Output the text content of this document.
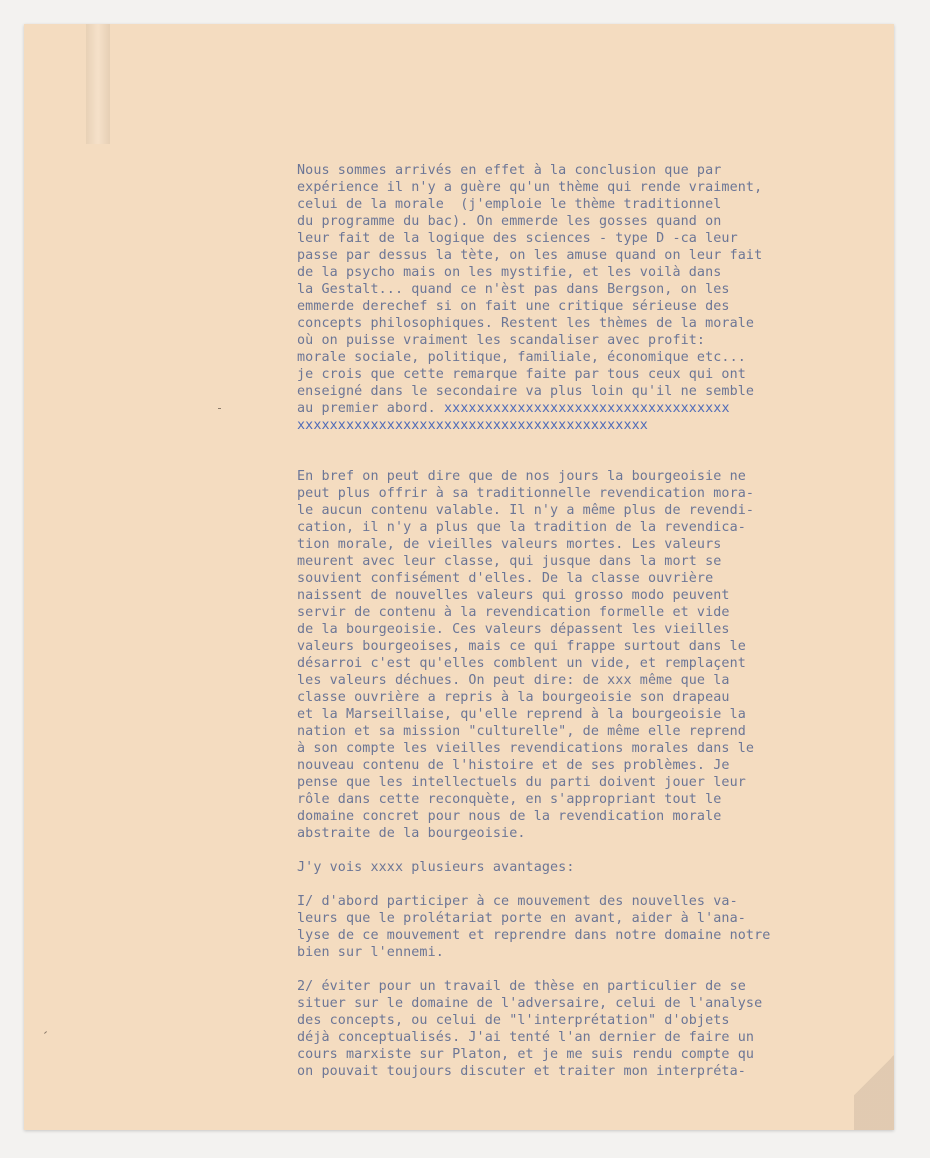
Nous sommes arrivés en effet à la conclusion que par
expérience il n'y a guère qu'un thème qui rende vraiment,
celui de la morale  (j'emploie le thème traditionnel
du programme du bac). On emmerde les gosses quand on
leur fait de la logique des sciences - type D -ca leur
passe par dessus la tète, on les amuse quand on leur fait
de la psycho mais on les mystifie, et les voilà dans
la Gestalt... quand ce n'èst pas dans Bergson, on les
emmerde derechef si on fait une critique sérieuse des
concepts philosophiques. Restent les thèmes de la morale
où on puisse vraiment les scandaliser avec profit:
morale sociale, politique, familiale, économique etc...
je crois que cette remarque faite par tous ceux qui ont
enseigné dans le secondaire va plus loin qu'il ne semble
au premier abord. xxxxxxxxxxxxxxxxxxxxxxxxxxxxxxxxxxx
xxxxxxxxxxxxxxxxxxxxxxxxxxxxxxxxxxxxxxxxxxx
En bref on peut dire que de nos jours la bourgeoisie ne
peut plus offrir à sa traditionnelle revendication mora-
le aucun contenu valable. Il n'y a même plus de revendi-
cation, il n'y a plus que la tradition de la revendica-
tion morale, de vieilles valeurs mortes. Les valeurs
meurent avec leur classe, qui jusque dans la mort se
souvient confisément d'elles. De la classe ouvrière
naissent de nouvelles valeurs qui grosso modo peuvent
servir de contenu à la revendication formelle et vide
de la bourgeoisie. Ces valeurs dépassent les vieilles
valeurs bourgeoises, mais ce qui frappe surtout dans le
désarroi c'est qu'elles comblent un vide, et remplaçent
les valeurs déchues. On peut dire: de xxx même que la
classe ouvrière a repris à la bourgeoisie son drapeau
et la Marseillaise, qu'elle reprend à la bourgeoisie la
nation et sa mission "culturelle", de même elle reprend
à son compte les vieilles revendications morales dans le
nouveau contenu de l'histoire et de ses problèmes. Je
pense que les intellectuels du parti doivent jouer leur
rôle dans cette reconquète, en s'appropriant tout le
domaine concret pour nous de la revendication morale
abstraite de la bourgeoisie.
J'y vois xxxx plusieurs avantages:
I/ d'abord participer à ce mouvement des nouvelles va-
leurs que le prolétariat porte en avant, aider à l'ana-
lyse de ce mouvement et reprendre dans notre domaine notre
bien sur l'ennemi.
2/ éviter pour un travail de thèse en particulier de se
situer sur le domaine de l'adversaire, celui de l'analyse
des concepts, ou celui de "l'interprétation" d'objets
déjà conceptualisés. J'ai tenté l'an dernier de faire un
cours marxiste sur Platon, et je me suis rendu compte qu
on pouvait toujours discuter et traiter mon interpréta-
